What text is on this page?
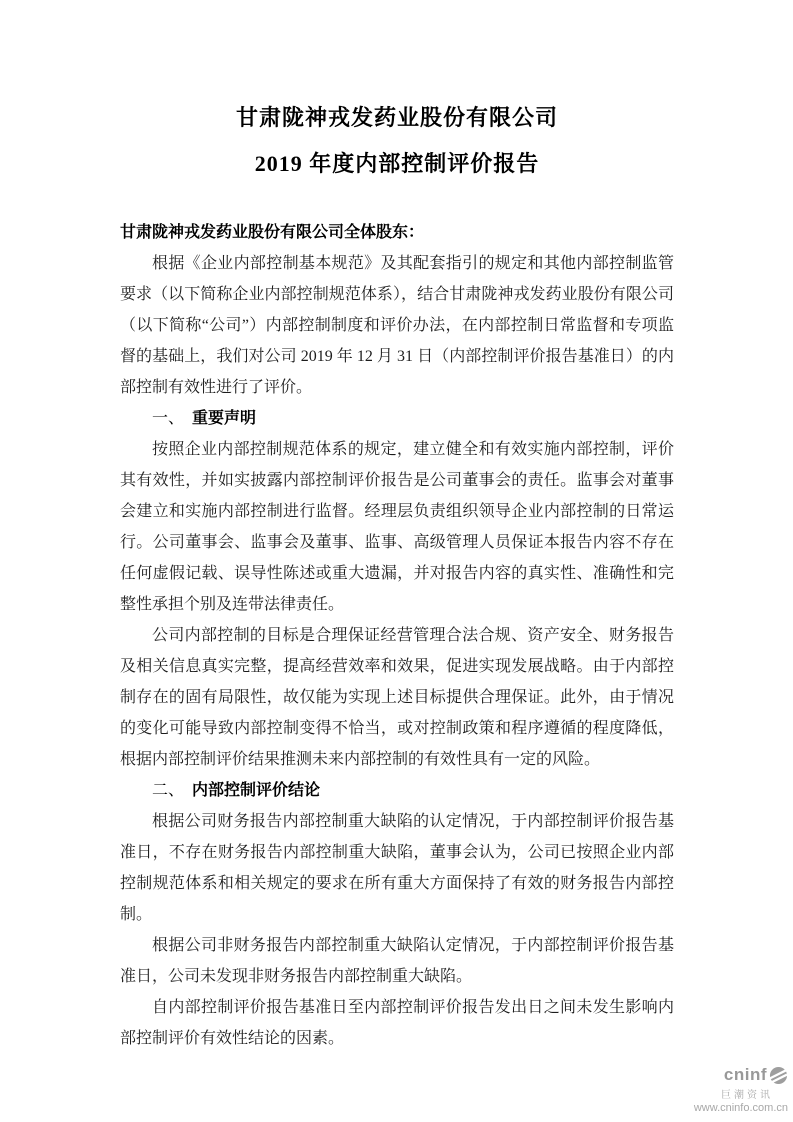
甘肃陇神戎发药业股份有限公司
2019 年度内部控制评价报告

甘肃陇神戎发药业股份有限公司全体股东：

根据《企业内部控制基本规范》及其配套指引的规定和其他内部控制监管要求（以下简称企业内部控制规范体系），结合甘肃陇神戎发药业股份有限公司（以下简称“公司”）内部控制制度和评价办法，在内部控制日常监督和专项监督的基础上，我们对公司 2019 年 12 月 31 日（内部控制评价报告基准日）的内部控制有效性进行了评价。

一、 重要声明

按照企业内部控制规范体系的规定，建立健全和有效实施内部控制，评价其有效性，并如实披露内部控制评价报告是公司董事会的责任。监事会对董事会建立和实施内部控制进行监督。经理层负责组织领导企业内部控制的日常运行。公司董事会、监事会及董事、监事、高级管理人员保证本报告内容不存在任何虚假记载、误导性陈述或重大遗漏，并对报告内容的真实性、准确性和完整性承担个别及连带法律责任。

公司内部控制的目标是合理保证经营管理合法合规、资产安全、财务报告及相关信息真实完整，提高经营效率和效果，促进实现发展战略。由于内部控制存在的固有局限性，故仅能为实现上述目标提供合理保证。此外，由于情况的变化可能导致内部控制变得不恰当，或对控制政策和程序遵循的程度降低，根据内部控制评价结果推测未来内部控制的有效性具有一定的风险。

二、 内部控制评价结论

根据公司财务报告内部控制重大缺陷的认定情况，于内部控制评价报告基准日，不存在财务报告内部控制重大缺陷，董事会认为，公司已按照企业内部控制规范体系和相关规定的要求在所有重大方面保持了有效的财务报告内部控制。

根据公司非财务报告内部控制重大缺陷认定情况，于内部控制评价报告基准日，公司未发现非财务报告内部控制重大缺陷。

自内部控制评价报告基准日至内部控制评价报告发出日之间未发生影响内部控制评价有效性结论的因素。

cninf
巨潮资讯
www.cninfo.com.cn
